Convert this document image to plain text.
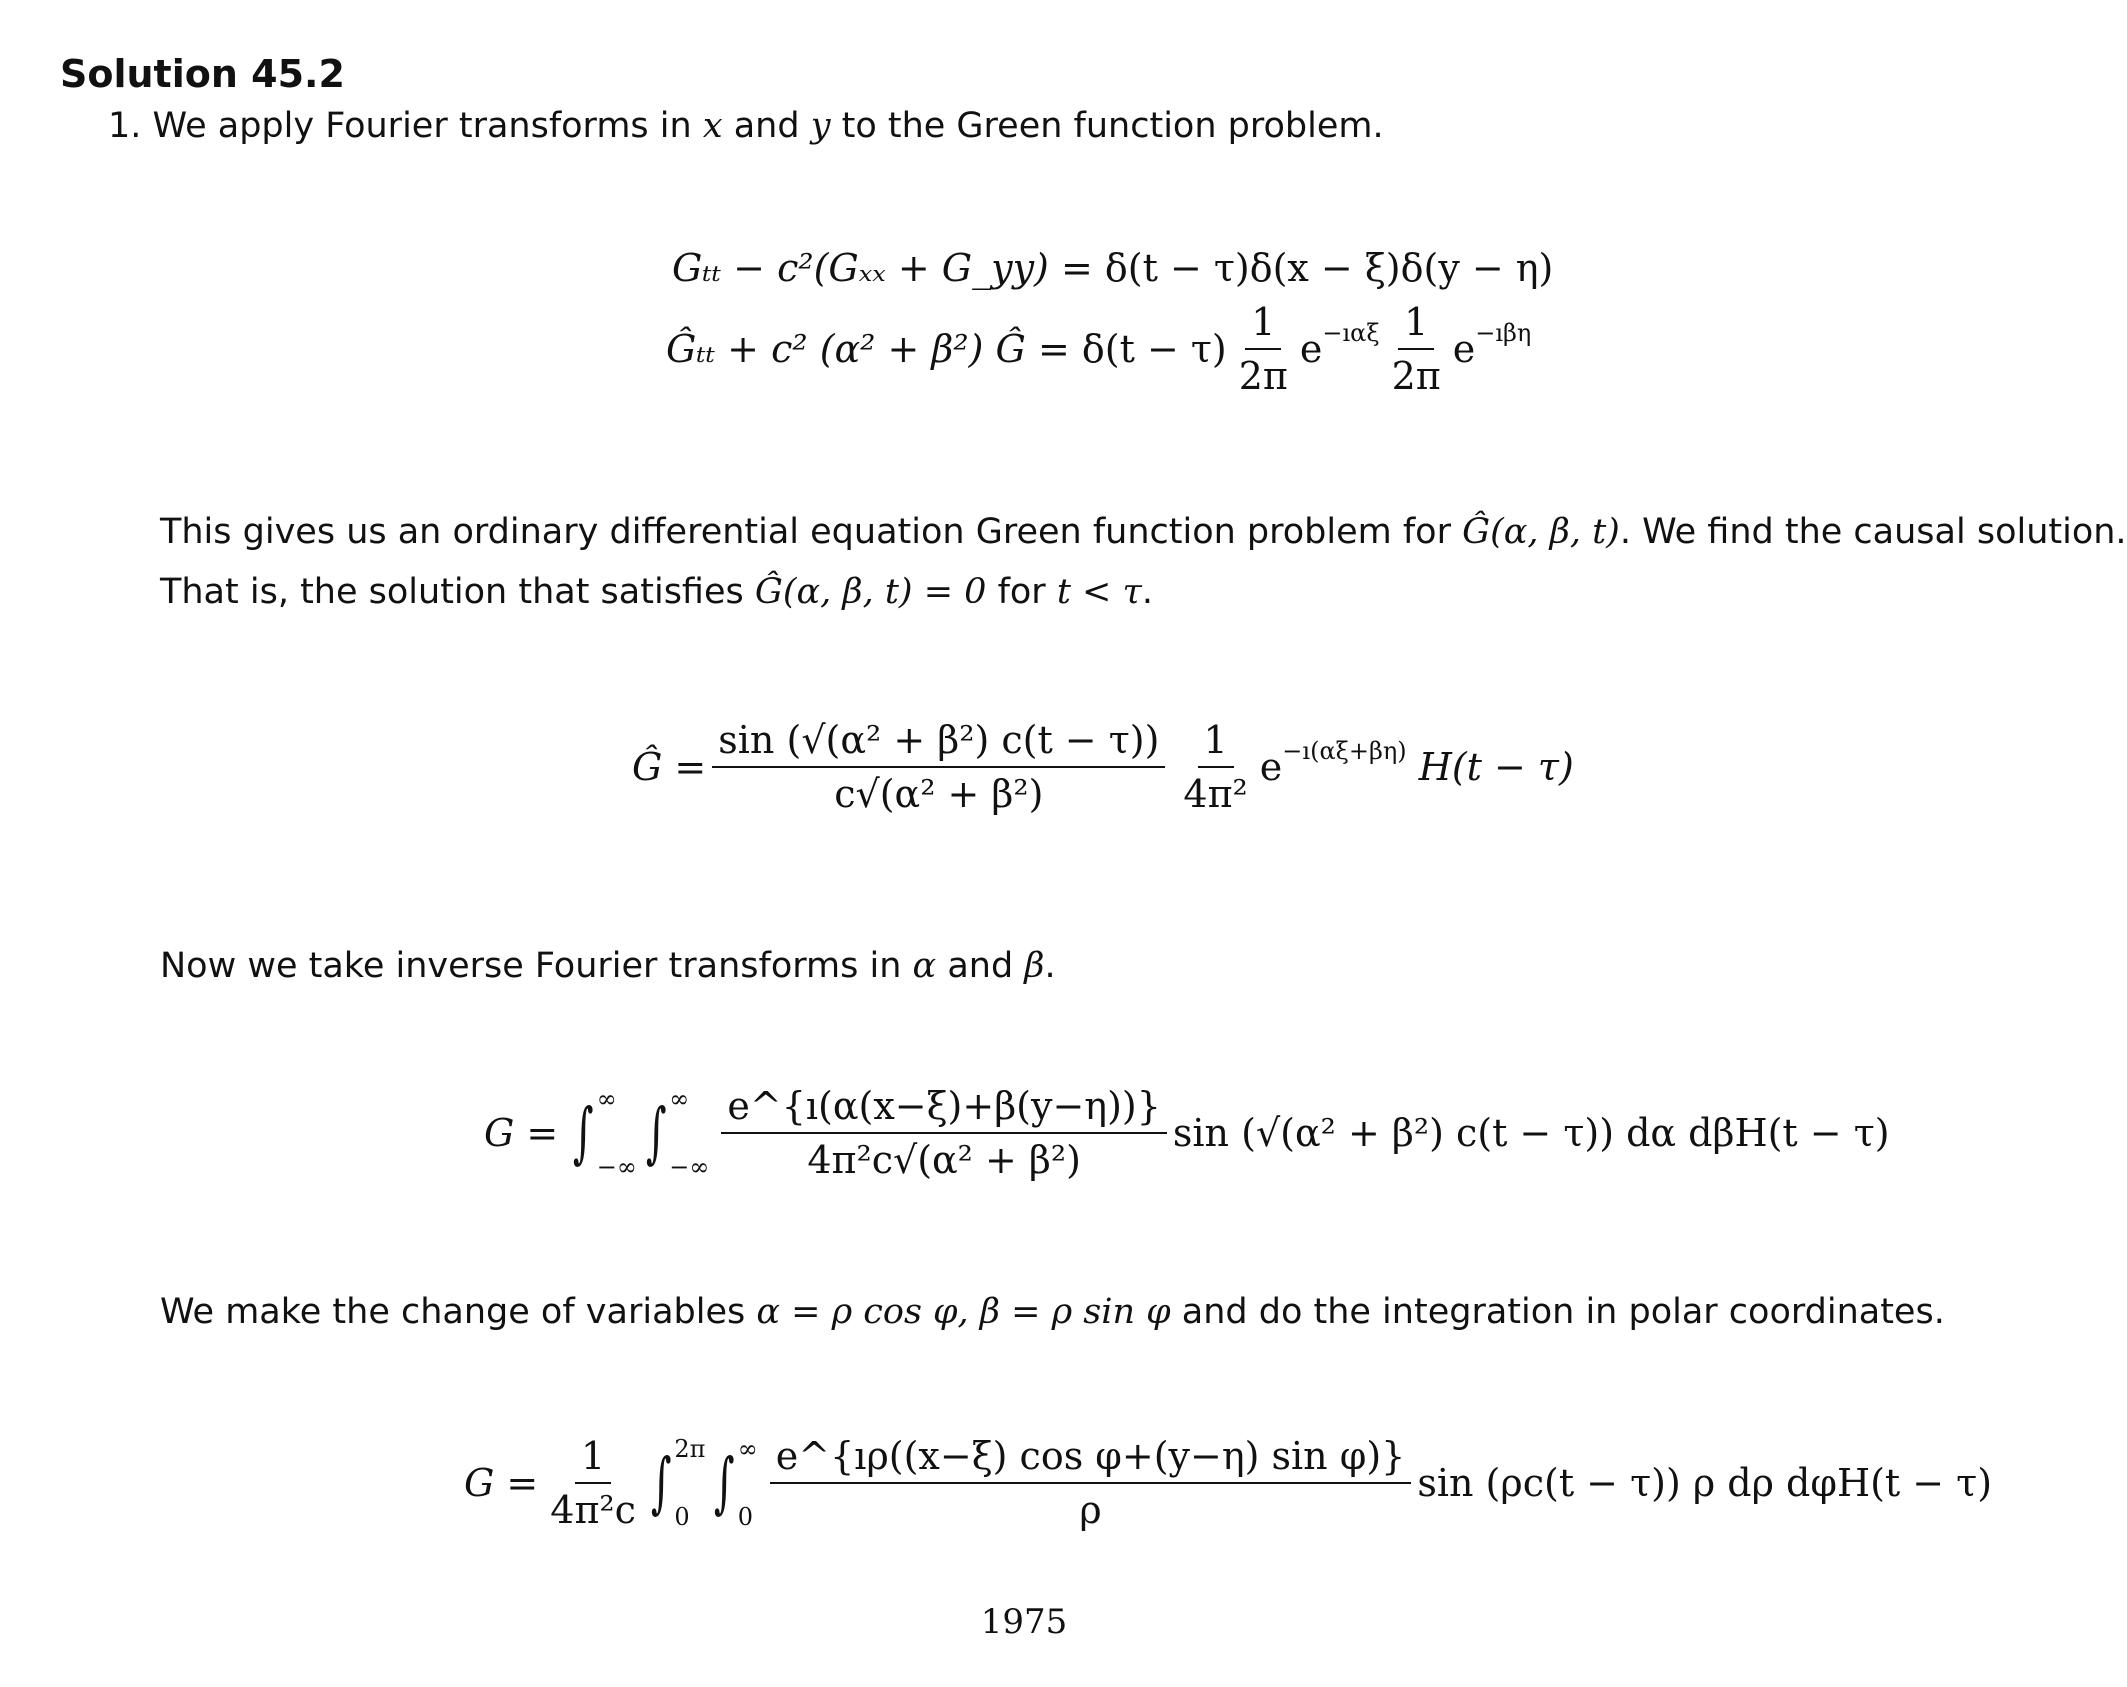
Solution 45.2
1. We apply Fourier transforms in x and y to the Green function problem.
Gₜₜ − c²(Gₓₓ + G_yy)
= δ(t − τ)δ(x − ξ)δ(y − η)
Ĝₜₜ + c² (α² + β²) Ĝ
= $\delta(t - \tau) \frac{1}{2\pi}$ e −ıαξ $\frac{1}{2\pi}$ e −ıβη
This gives us an ordinary differential equation Green function problem for Ĝ(α, β, t). We find the causal solution.
That is, the solution that satisfies Ĝ(α, β, t) = 0 for t < τ.
Ĝ = $\frac{\text{sin (√(α² + β²) c(t − τ))}}{\text{c√(α² + β²)}} \frac{1}{\text{4π²}}$ e −ı(αξ+βη)
H(t − τ)
Now we take inverse Fourier transforms in α and β.
G =
∫ ∞
−∞ ∫ ∞
−∞ $\frac{e\^{}\{ı(\alpha(x-\xi)+\beta(y-\eta))\}}{\text{4π²c√(α² + β²)}}$ sin (√(α² + β²) c(t − τ)) dα dβH(t − τ)
We make the change of variables α = ρ cos φ, β = ρ sin φ and do the integration in polar coordinates.
$G = \frac{1}{\text{4π²c}}$ ∫ 2π
0 ∫ ∞
$0 \frac{\text{e\textasciicircum{}\{ıρ((x−ξ) cos φ+(y−η) sin φ)\}}}{\rho}$ sin (ρc(t − τ)) ρ dρ dφH(t − τ)
1975
